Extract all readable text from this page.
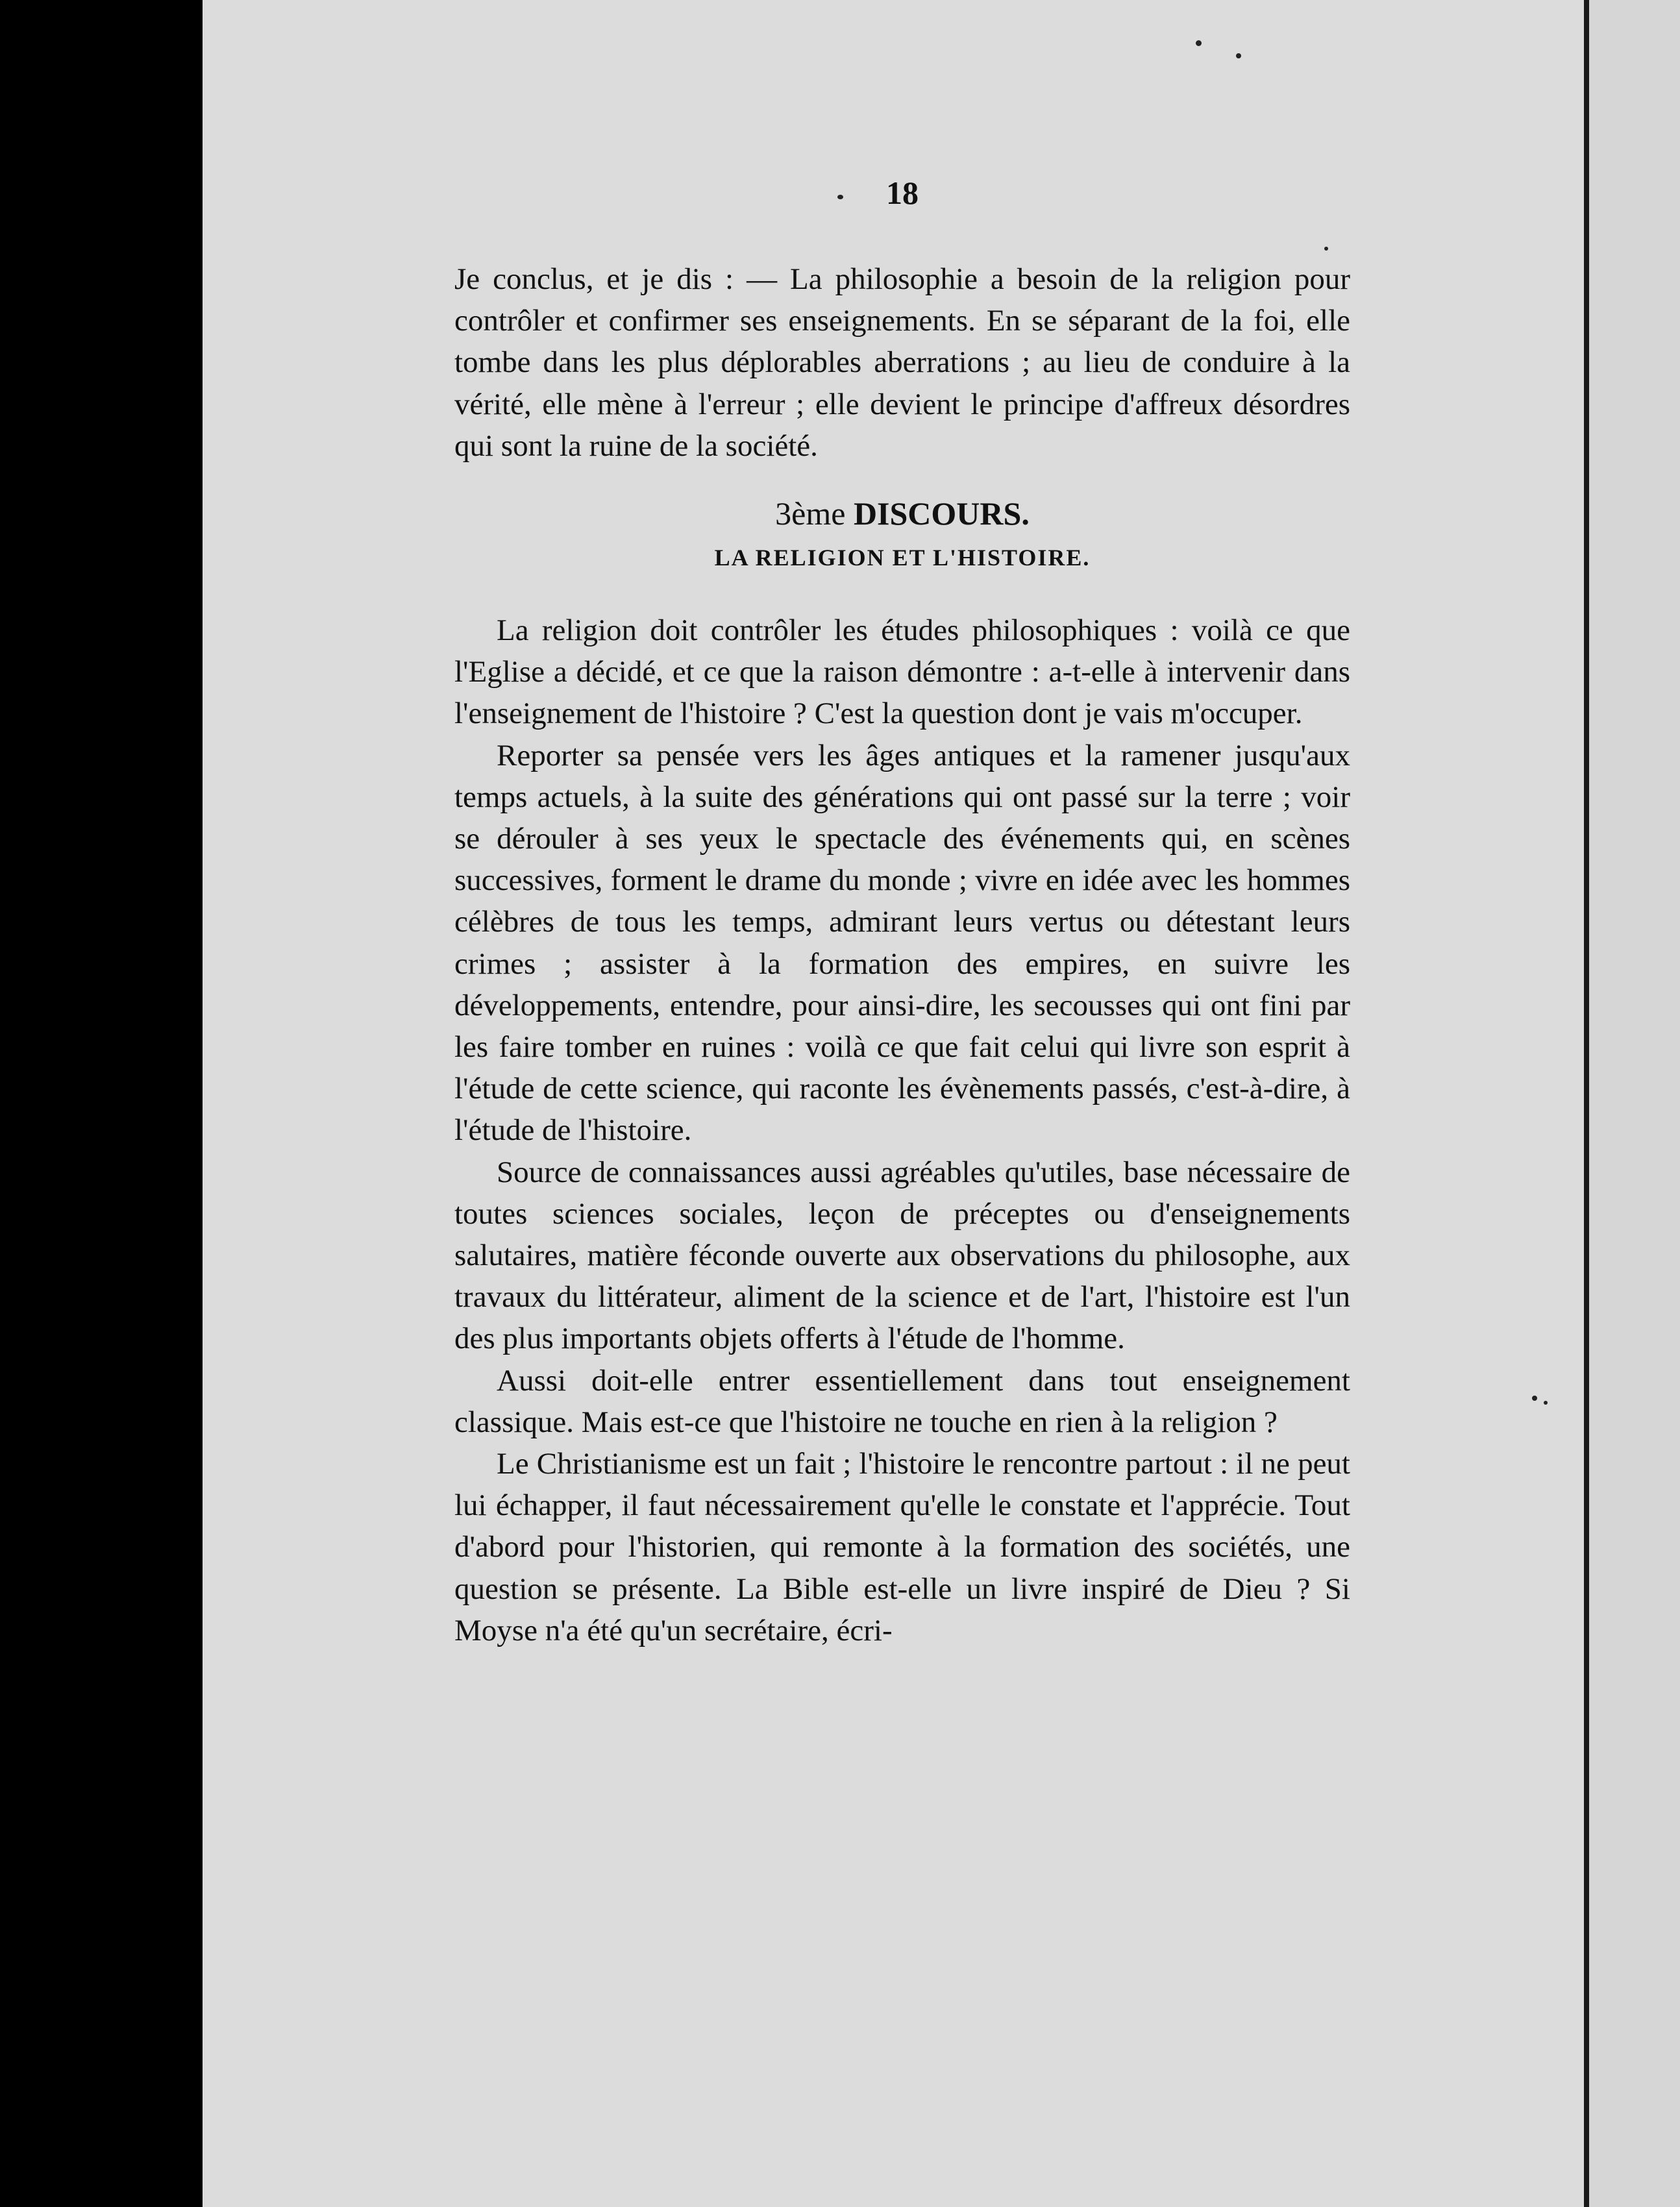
18

Je conclus, et je dis : — La philosophie a besoin de la religion pour contrôler et confirmer ses enseignements. En se séparant de la foi, elle tombe dans les plus déplorables aberrations ; au lieu de conduire à la vérité, elle mène à l'erreur ; elle devient le principe d'affreux désordres qui sont la ruine de la société.

3ème DISCOURS.
LA RELIGION ET L'HISTOIRE.

La religion doit contrôler les études philosophiques : voilà ce que l'Eglise a décidé, et ce que la raison démontre : a-t-elle à intervenir dans l'enseignement de l'histoire ? C'est la question dont je vais m'occuper.

Reporter sa pensée vers les âges antiques et la ramener jusqu'aux temps actuels, à la suite des générations qui ont passé sur la terre ; voir se dérouler à ses yeux le spectacle des événements qui, en scènes successives, forment le drame du monde ; vivre en idée avec les hommes célèbres de tous les temps, admirant leurs vertus ou détestant leurs crimes ; assister à la formation des empires, en suivre les développements, entendre, pour ainsi-dire, les secousses qui ont fini par les faire tomber en ruines : voilà ce que fait celui qui livre son esprit à l'étude de cette science, qui raconte les évènements passés, c'est-à-dire, à l'étude de l'histoire.

Source de connaissances aussi agréables qu'utiles, base nécessaire de toutes sciences sociales, leçon de préceptes ou d'enseignements salutaires, matière féconde ouverte aux observations du philosophe, aux travaux du littérateur, aliment de la science et de l'art, l'histoire est l'un des plus importants objets offerts à l'étude de l'homme.

Aussi doit-elle entrer essentiellement dans tout enseignement classique. Mais est-ce que l'histoire ne touche en rien à la religion ?

Le Christianisme est un fait ; l'histoire le rencontre partout : il ne peut lui échapper, il faut nécessairement qu'elle le constate et l'apprécie. Tout d'abord pour l'historien, qui remonte à la formation des sociétés, une question se présente. La Bible est-elle un livre inspiré de Dieu ? Si Moyse n'a été qu'un secrétaire, écri-
